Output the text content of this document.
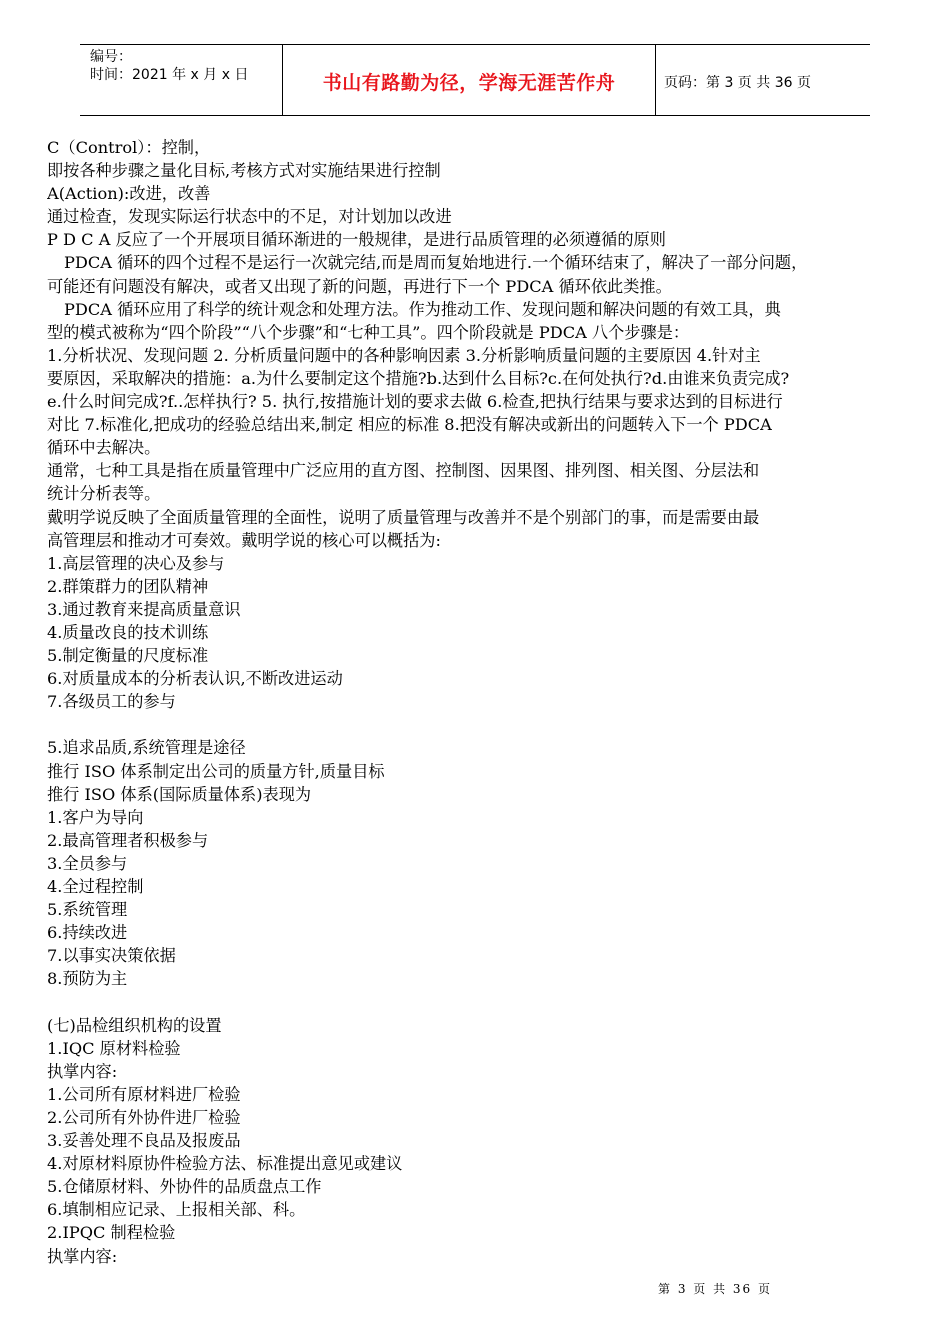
编号：
时间：2021 年 x 月 x 日	书山有路勤为径，学海无涯苦作舟	页码：第 3 页 共 36 页
C（Control）：控制，
即按各种步骤之量化目标,考核方式对实施结果进行控制
A(Action):改进，改善
通过检查，发现实际运行状态中的不足，对计划加以改进
P D C A 反应了一个开展项目循环渐进的一般规律，是进行品质管理的必须遵循的原则
PDCA 循环的四个过程不是运行一次就完结,而是周而复始地进行.一个循环结束了，解决了一部分问题，
可能还有问题没有解决，或者又出现了新的问题，再进行下一个 PDCA 循环依此类推。
PDCA 循环应用了科学的统计观念和处理方法。作为推动工作、发现问题和解决问题的有效工具，典
型的模式被称为“四个阶段”“八个步骤”和“七种工具”。四个阶段就是 PDCA 八个步骤是：
1.分析状况、发现问题 2. 分析质量问题中的各种影响因素 3.分析影响质量问题的主要原因 4.针对主
要原因，采取解决的措施：a.为什么要制定这个措施?b.达到什么目标?c.在何处执行?d.由谁来负责完成?
e.什么时间完成?f..怎样执行? 5. 执行,按措施计划的要求去做 6.检查,把执行结果与要求达到的目标进行
对比 7.标准化,把成功的经验总结出来,制定 相应的标准 8.把没有解决或新出的问题转入下一个 PDCA
循环中去解决。
通常，七种工具是指在质量管理中广泛应用的直方图、控制图、因果图、排列图、相关图、分层法和
统计分析表等。
戴明学说反映了全面质量管理的全面性，说明了质量管理与改善并不是个别部门的事，而是需要由最
高管理层和推动才可奏效。戴明学说的核心可以概括为:
1.高层管理的决心及参与
2.群策群力的团队精神
3.通过教育来提高质量意识
4.质量改良的技术训练
5.制定衡量的尺度标准
6.对质量成本的分析表认识,不断改进运动
7.各级员工的参与
5.追求品质,系统管理是途径
推行 ISO 体系制定出公司的质量方针,质量目标
推行 ISO 体系(国际质量体系)表现为
1.客户为导向
2.最高管理者积极参与
3.全员参与
4.全过程控制
5.系统管理
6.持续改进
7.以事实决策依据
8.预防为主
(七)品检组织机构的设置
1.IQC 原材料检验
执掌内容:
1.公司所有原材料进厂检验
2.公司所有外协件进厂检验
3.妥善处理不良品及报废品
4.对原材料原协件检验方法、标准提出意见或建议
5.仓储原材料、外协件的品质盘点工作
6.填制相应记录、上报相关部、科。
2.IPQC 制程检验
执掌内容:
第 3 页 共 36 页
